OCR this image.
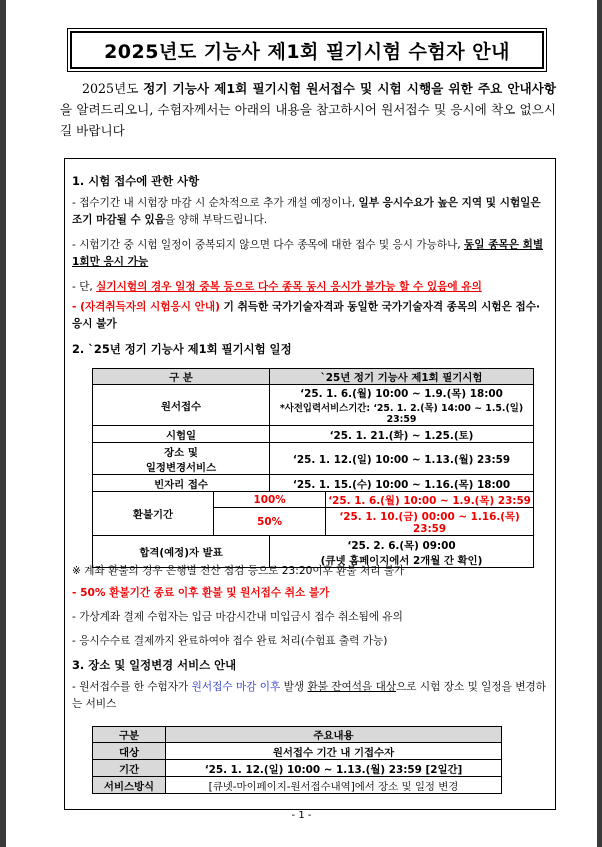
2025년도 기능사 제1회 필기시험 수험자 안내
2025년도 정기 기능사 제1회 필기시험 원서접수 및 시험 시행을 위한 주요 안내사항을 알려드리오니, 수험자께서는 아래의 내용을 참고하시어 원서접수 및 응시에 착오 없으시길 바랍니다
1. 시험 접수에 관한 사항
- 접수기간 내 시험장 마감 시 순차적으로 추가 개설 예정이나, 일부 응시수요가 높은 지역 및 시험일은 조기 마감될 수 있음을 양해 부탁드립니다.
- 시험기간 중 시험 일정이 중복되지 않으면 다수 종목에 대한 접수 및 응시 가능하나, 동일 종목은 회별 1회만 응시 가능
- 단, 실기시험의 경우 일정 중복 등으로 다수 종목 동시 응시가 불가능 할 수 있음에 유의
- (자격취득자의 시험응시 안내) 기 취득한 국가기술자격과 동일한 국가기술자격 종목의 시험은 접수·응시 불가
2. `25년 정기 기능사 제1회 필기시험 일정
구 분		`25년 정기 기능사 제1회 필기시험	
원서접수		‘25. 1. 6.(월) 10:00 ~ 1.9.(목) 18:00
*사전입력서비스기간: ‘25. 1. 2.(목) 14:00 ~ 1.5.(일) 23:59	

시험일		‘25. 1. 21.(화) ~ 1.25.(토)	

장소 및
일정변경서비스		‘25. 1. 12.(일) 10:00 ~ 1.13.(월) 23:59	
빈자리 접수		‘25. 1. 15.(수) 10:00 ~ 1.16.(목) 18:00	
환불기간	100%		‘25. 1. 6.(월) 10:00 ~ 1.9.(목) 23:59
	50%		‘25. 1. 10.(금) 00:00 ~ 1.16.(목) 23:59
합격(예정)자 발표		‘25. 2. 6.(목) 09:00
(큐넷 홈페이지에서 2개월 간 확인)	
※ 계좌 환불의 경우 은행별 전산 점검 등으로 23:20이후 환불 처리 불가
- 50% 환불기간 종료 이후 환불 및 원서접수 취소 불가
- 가상계좌 결제 수험자는 입금 마감시간내 미입금시 접수 취소됨에 유의
- 응시수수료 결제까지 완료하여야 접수 완료 처리(수험표 출력 가능)
3. 장소 및 일정변경 서비스 안내
- 원서접수를 한 수험자가 원서접수 마감 이후 발생 환불 잔여석을 대상으로 시험 장소 및 일정을 변경하는 서비스
구분	주요내용
대상	원서접수 기간 내 기접수자
기간	‘25. 1. 12.(일) 10:00 ~ 1.13.(월) 23:59 [2일간]
서비스방식	[큐넷-마이페이지-원서접수내역]에서 장소 및 일정 변경
- 1 -
